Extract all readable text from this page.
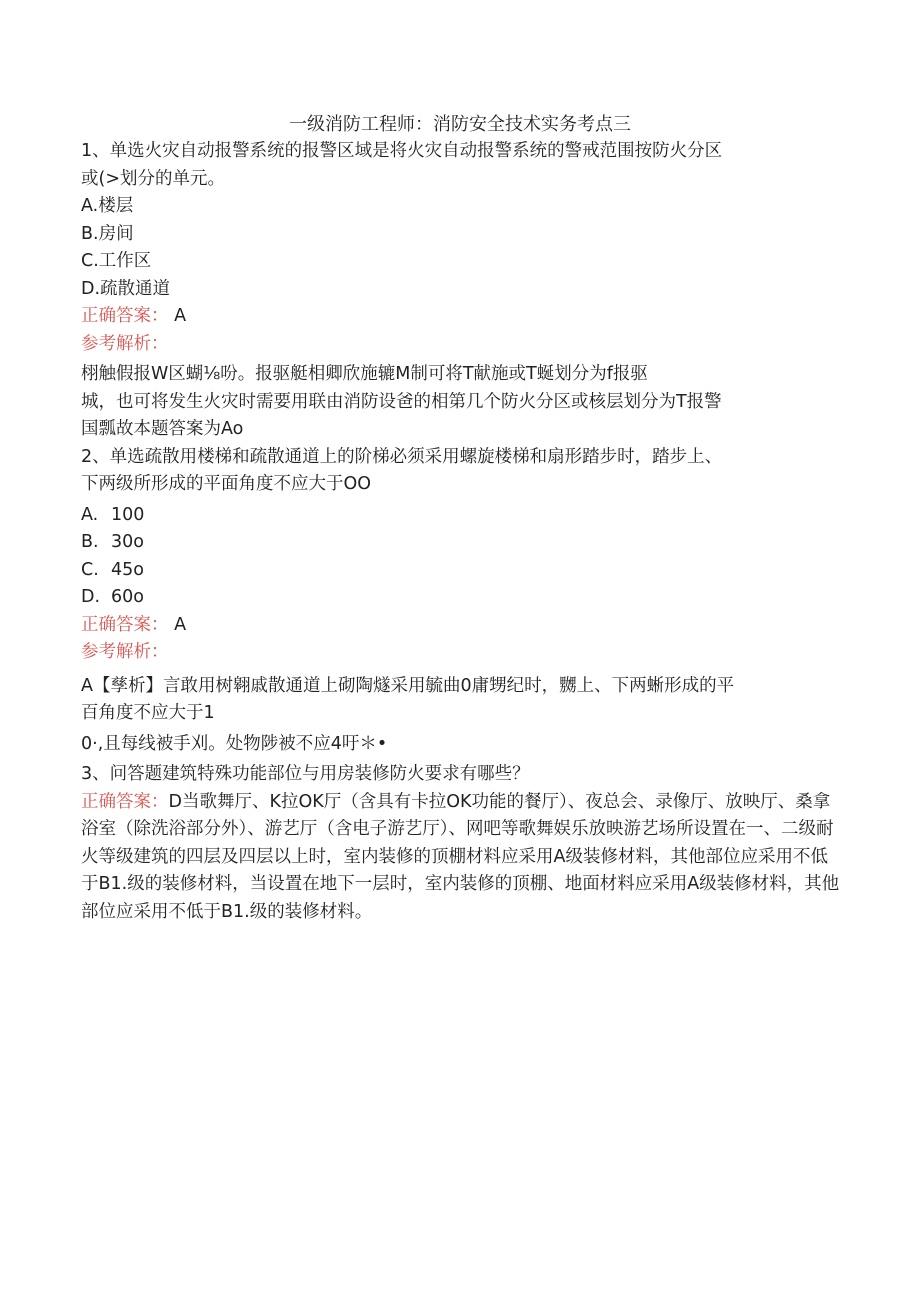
一级消防工程师：消防安全技术实务考点三
1、单选火灾自动报警系统的报警区域是将火灾自动报警系统的警戒范围按防火分区
或(>划分的单元。
A.楼层
B.房间
C.工作区
D.疏散通道
正确答案： A
参考解析：
栩触假报W区蝴⅛吩。报驱艇相卿欣施辘M制可将T献施或T蜒划分为f报驱
城，也可将发生火灾时需要用联由消防设爸的相第几个防火分区或核层划分为T报警
国瓢故本题答案为Ao
2、单选疏散用楼梯和疏散通道上的阶梯必须采用螺旋楼梯和扇形踏步时，踏步上、
下两级所形成的平面角度不应大于OO
A. 100
B. 30o
C. 45o
D. 60o
正确答案： A
参考解析：
A【孳析】言敢用树翱戚散通道上砌陶燧采用毓曲0庸甥纪时，嬲上、下两蜥形成的平
百角度不应大于1
0·,且每线被手刈。处物陟被不应4吁＊•
3、问答题建筑特殊功能部位与用房装修防火要求有哪些？
正确答案：D当歌舞厅、K拉OK厅（含具有卡拉OK功能的餐厅）、夜总会、录像厅、放映厅、桑拿浴室（除洗浴部分外）、游艺厅（含电子游艺厅）、网吧等歌舞娱乐放映游艺场所设置在一、二级耐火等级建筑的四层及四层以上时，室内装修的顶棚材料应采用A级装修材料，其他部位应采用不低于B1.级的装修材料，当设置在地下一层时，室内装修的顶棚、地面材料应采用A级装修材料，其他部位应采用不低于B1.级的装修材料。
